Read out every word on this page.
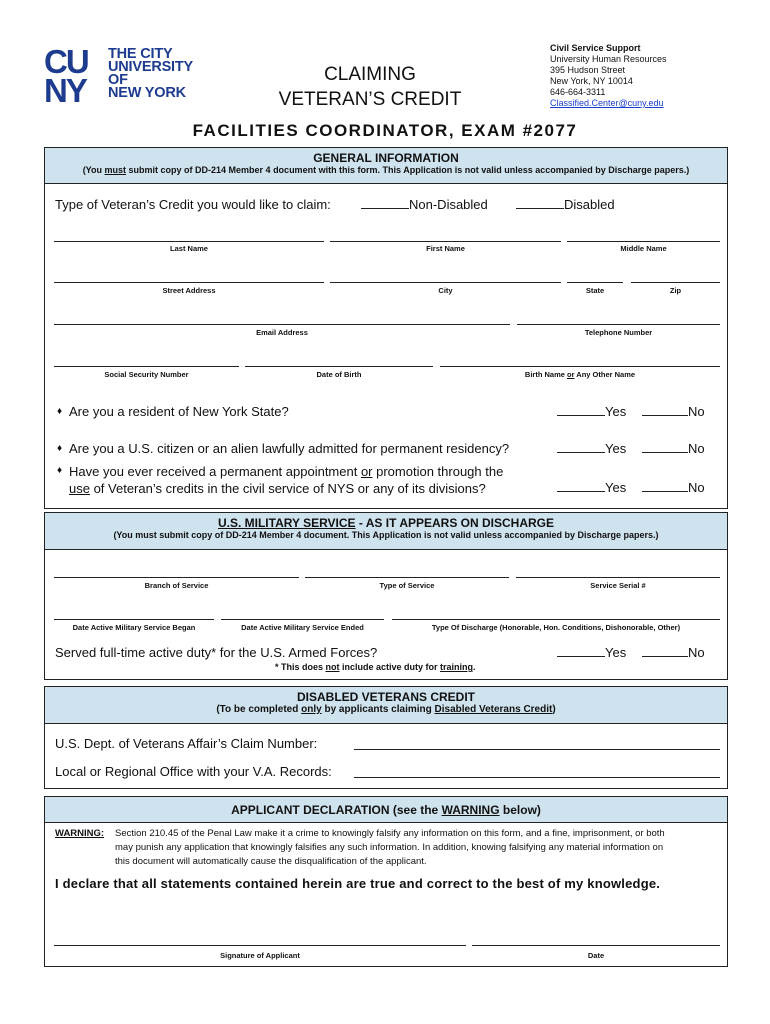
CU
NY
THE CITY
UNIVERSITY
OF
NEW YORK
CLAIMING
VETERAN’S CREDIT
Civil Service Support
University Human Resources
395 Hudson Street
New York, NY 10014
646-664-3311
Classified.Center@cuny.edu
FACILITIES COORDINATOR, EXAM #2077
GENERAL INFORMATION
(You must submit copy of DD-214 Member 4 document with this form. This Application is not valid unless accompanied by Discharge papers.)
Type of Veteran’s Credit you would like to claim:	Non-Disabled	Disabled
Last Name	First Name	Middle Name
Street Address	City	State	Zip
Email Address	Telephone Number
Social Security Number	Date of Birth	Birth Name or Any Other Name
♦ Are you a resident of New York State?	Yes	No
♦ Are you a U.S. citizen or an alien lawfully admitted for permanent residency?	Yes	No
♦ Have you ever received a permanent appointment or promotion through the
use of Veteran’s credits in the civil service of NYS or any of its divisions?	Yes	No
U.S. MILITARY SERVICE - AS IT APPEARS ON DISCHARGE
(You must submit copy of DD-214 Member 4 document. This Application is not valid unless accompanied by Discharge papers.)
Branch of Service	Type of Service	Service Serial #
Date Active Military Service Began	Date Active Military Service Ended	Type Of Discharge (Honorable, Hon. Conditions, Dishonorable, Other)
Served full-time active duty* for the U.S. Armed Forces?	Yes	No
* This does not include active duty for training.
DISABLED VETERANS CREDIT
(To be completed only by applicants claiming Disabled Veterans Credit)
U.S. Dept. of Veterans Affair’s Claim Number:
Local or Regional Office with your V.A. Records:
APPLICANT DECLARATION (see the WARNING below)
WARNING: Section 210.45 of the Penal Law make it a crime to knowingly falsify any information on this form, and a fine, imprisonment, or both
may punish any application that knowingly falsifies any such information. In addition, knowing falsifying any material information on
this document will automatically cause the disqualification of the applicant.
I declare that all statements contained herein are true and correct to the best of my knowledge.
Signature of Applicant	Date
